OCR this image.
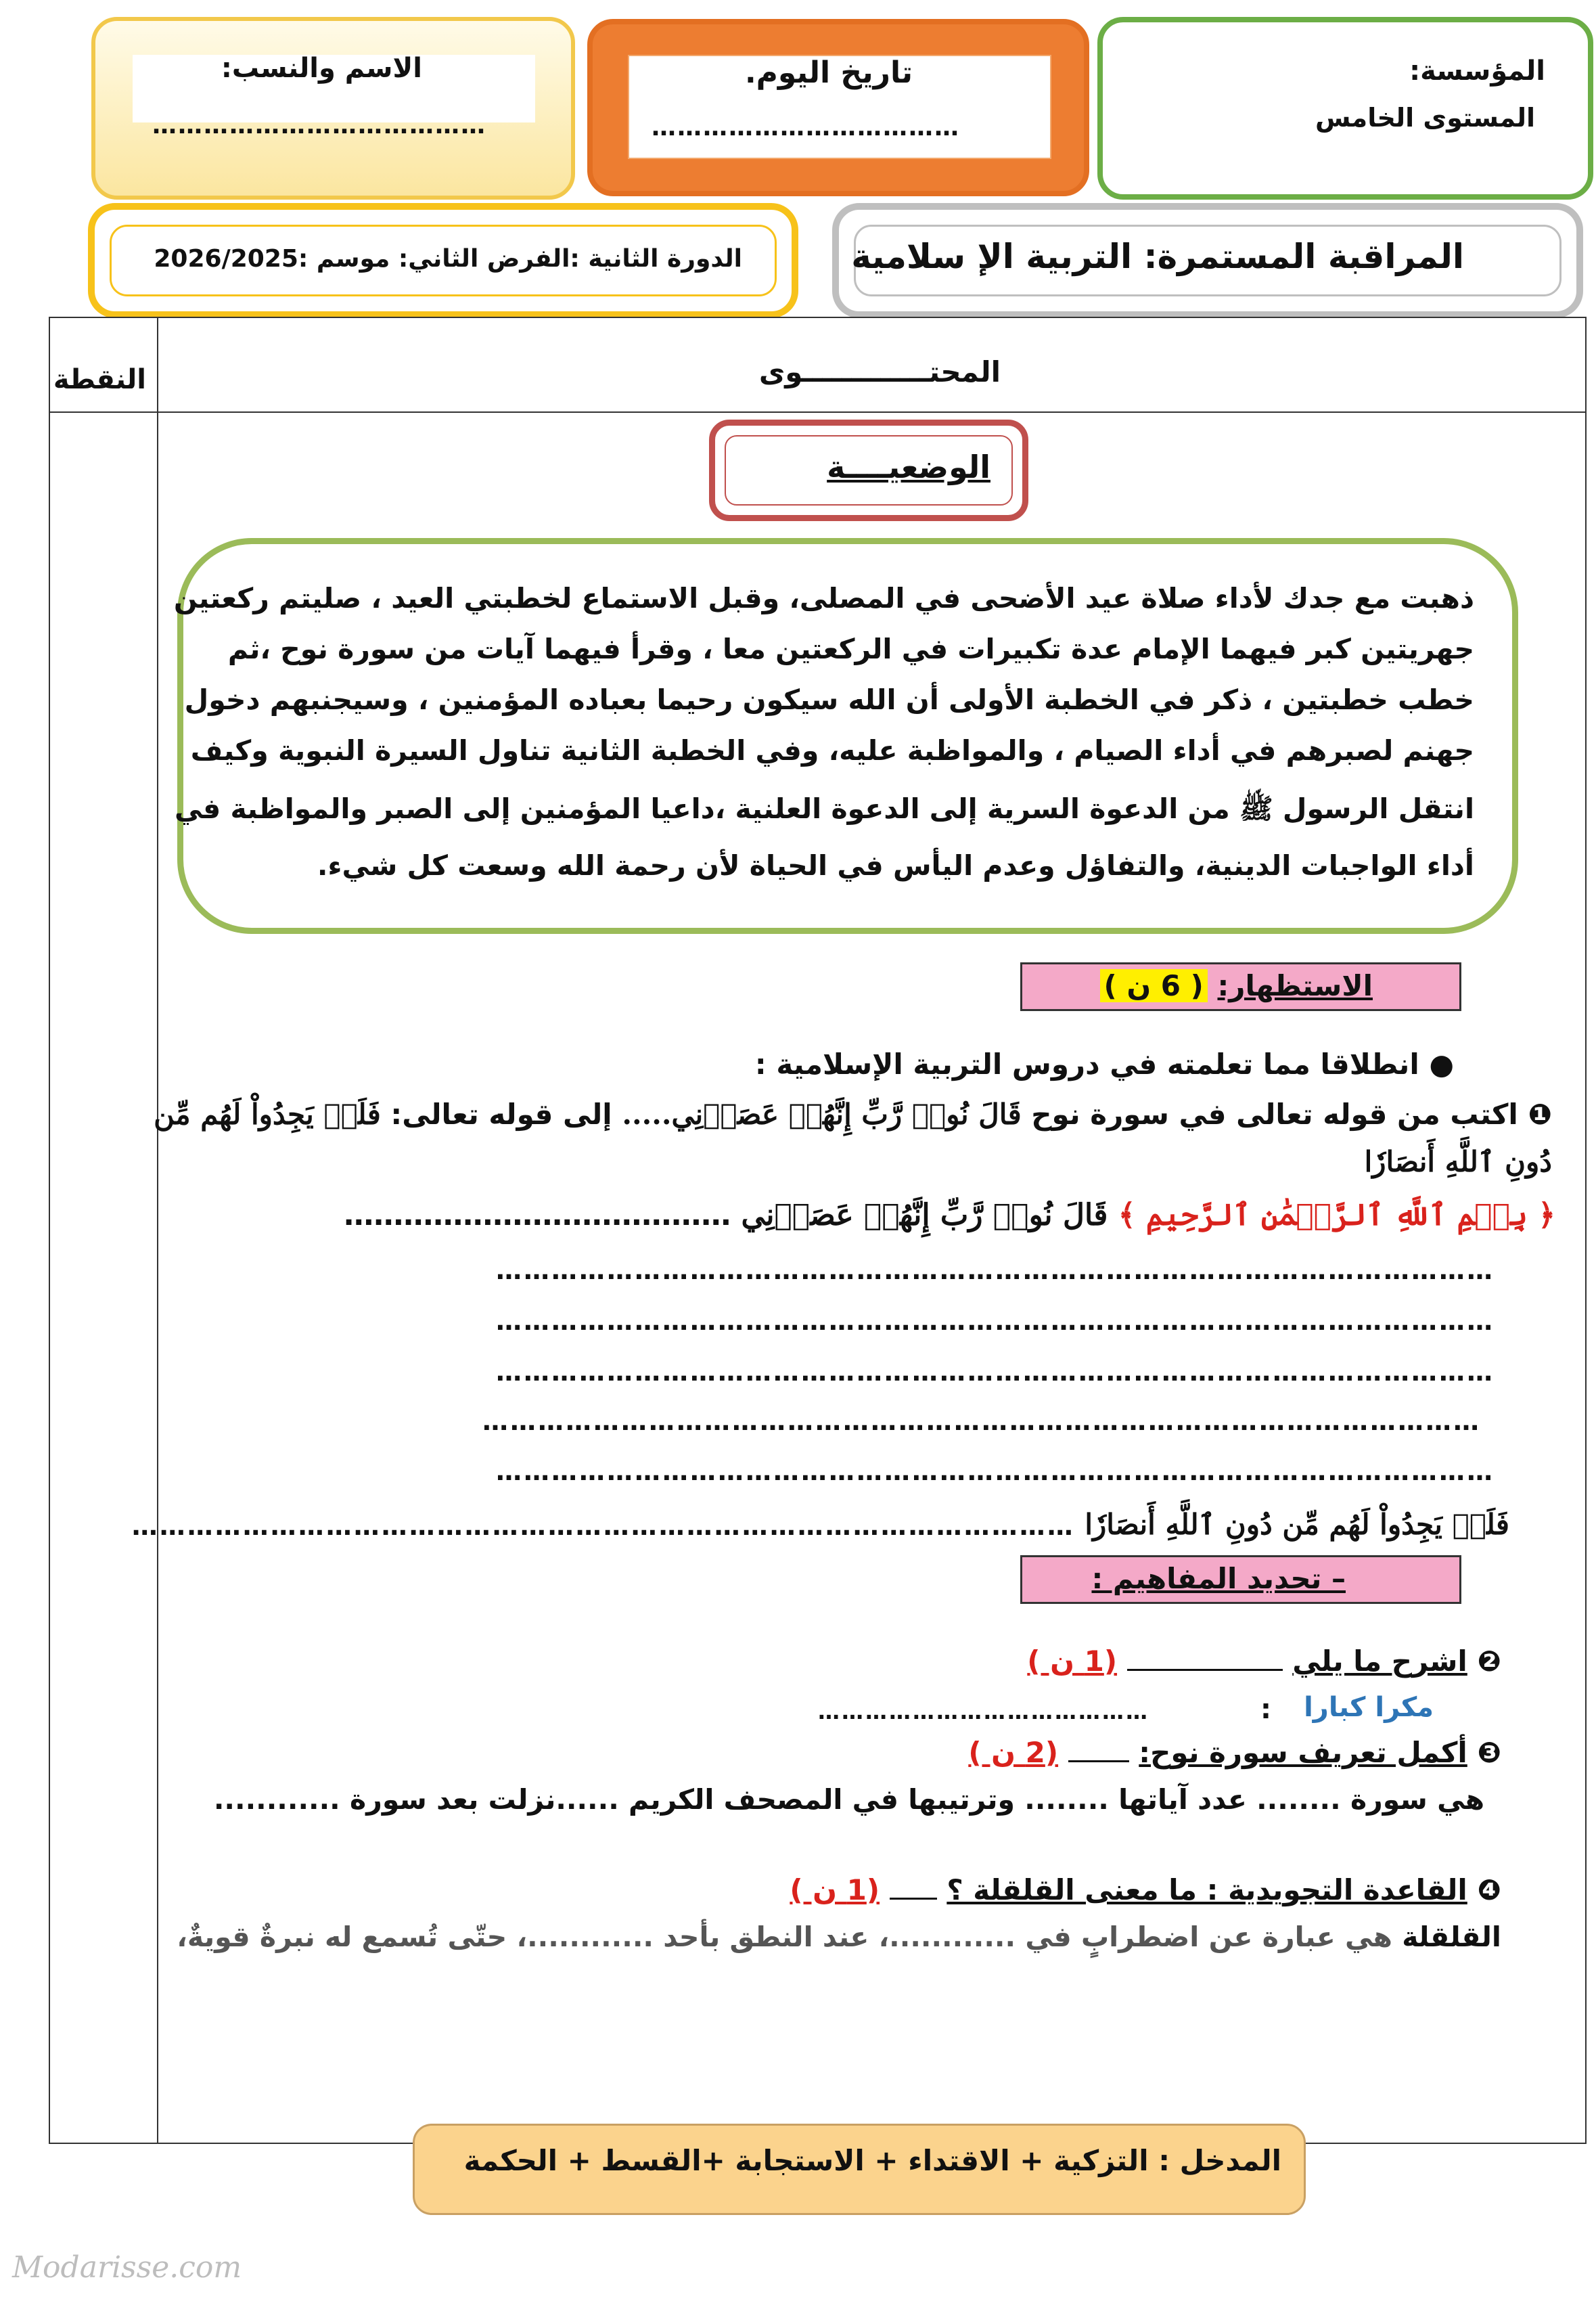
الاسم والنسب:
…………………………………
تاريخ اليوم.
………………………………
المؤسسة:
المستوى الخامس
الدورة الثانية :الفرض الثاني: موسم :2026/2025	المراقبة المستمرة: التربية الإ سلامية
المحتـــــــــــــوى
النقطة
الوضعيــــة
ذهبت مع جدك لأداء صلاة عيد الأضحى في المصلى، وقبل الاستماع لخطبتي العيد ، صليتم ركعتين
جهريتين كبر فيهما الإمام عدة تكبيرات في الركعتين معا ، وقرأ فيهما آيات من سورة نوح ،ثم
خطب خطبتين ، ذكر في الخطبة الأولى أن الله سيكون رحيما بعباده المؤمنين ، وسيجنبهم دخول
جهنم لصبرهم في أداء الصيام ، والمواظبة عليه، وفي الخطبة الثانية تناول السيرة النبوية وكيف
انتقل الرسول ﷺ من الدعوة السرية إلى الدعوة العلنية ،داعيا المؤمنين إلى الصبر والمواظبة في
أداء الواجبات الدينية، والتفاؤل وعدم اليأس في الحياة لأن رحمة الله وسعت كل شيء.
الاستظهار: ( 6 ن )
● انطلاقا مما تعلمته في دروس التربية الإسلامية :
❶ اكتب من قوله تعالى في سورة نوح قَالَ نُوحٞ رَّبِّ إِنَّهُمۡ عَصَوۡنِي..... إلى قوله تعالى: فَلَمۡ يَجِدُواْ لَهُم مِّن
دُونِ ٱللَّهِ أَنصَارٗا
﴿ بِسۡمِ ٱللَّهِ ٱلرَّحۡمَٰنِ ٱلرَّحِيمِ ﴾ قَالَ نُوحٞ رَّبِّ إِنَّهُمۡ عَصَوۡنِي …………………………………
………………………………………………………………………………………………
………………………………………………………………………………………………
………………………………………………………………………………………………
………………………………………………………………………………………………
………………………………………………………………………………………………
فَلَمۡ يَجِدُواْ لَهُم مِّن دُونِ ٱللَّهِ أَنصَارٗا …………………………………………………………………………………………
– تحديد المفاهيم :
❷ اشرح ما يلي  (1 ن )
مكرا كبارا
:
……………………………………
❸ أكمل تعريف سورة نوح:  (2 ن )
هي سورة ........ عدد آياتها ........ وترتيبها في المصحف الكريم ......نزلت بعد سورة ............
❹ القاعدة التجويدية : ما معنى القلقلة ؟  (1 ن )
القلقلة هي عبارة عن اضطرابٍ في ............، عند النطق بأحد ............، حتّى تُسمع له نبرةٌ قويةٌ،
المدخل : التزكية + الاقتداء + الاستجابة +القسط + الحكمة
Modarisse.com
